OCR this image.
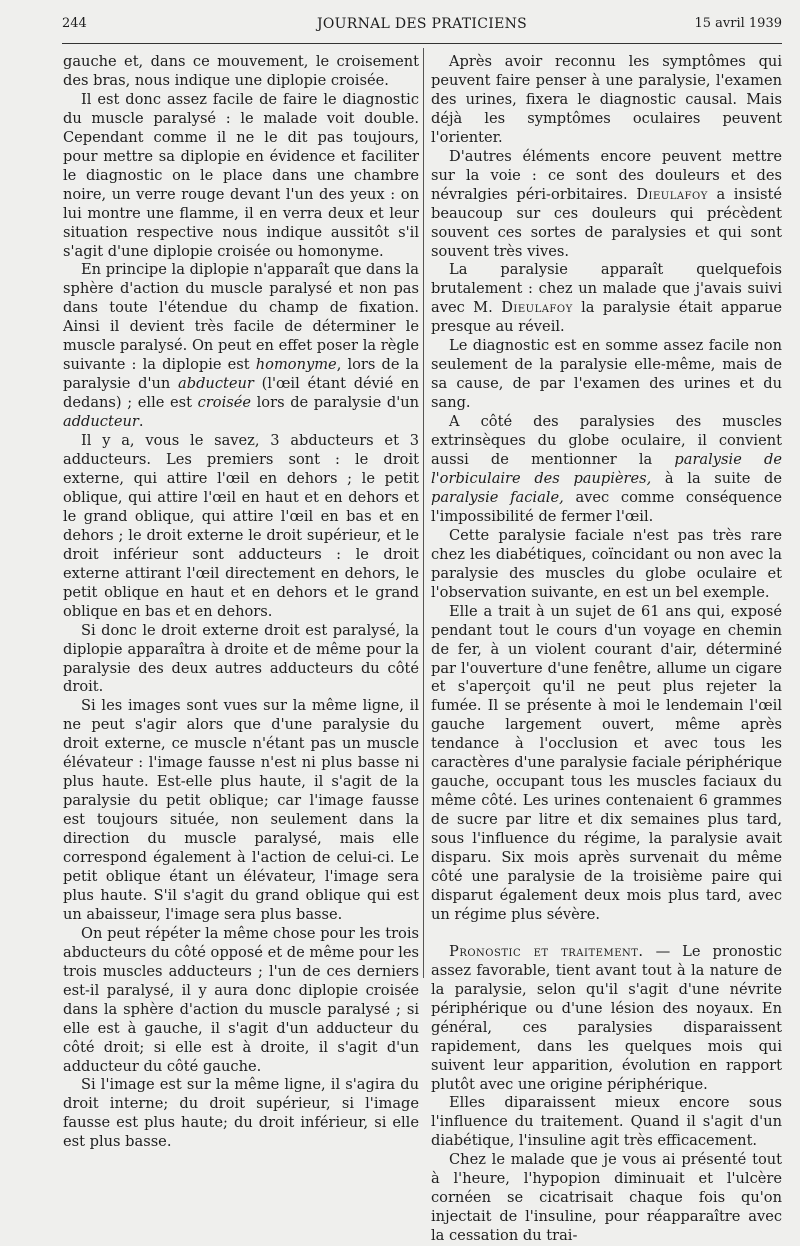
244	JOURNAL DES PRATICIENS	15 avril 1939

gauche et, dans ce mouvement, le croisement des bras, nous indique une diplopie croisée.

Il est donc assez facile de faire le diagnostic du muscle paralysé : le malade voit double. Cependant comme il ne le dit pas toujours, pour mettre sa diplopie en évidence et faciliter le diagnostic on le place dans une chambre noire, un verre rouge devant l'un des yeux : on lui montre une flamme, il en verra deux et leur situation respective nous indique aussitôt s'il s'agit d'une diplopie croisée ou homonyme.

En principe la diplopie n'apparaît que dans la sphère d'action du muscle paralysé et non pas dans toute l'étendue du champ de fixation. Ainsi il devient très facile de déterminer le muscle paralysé. On peut en effet poser la règle suivante : la diplopie est homonyme, lors de la paralysie d'un abducteur (l'œil étant dévié en dedans) ; elle est croisée lors de paralysie d'un adducteur.

Il y a, vous le savez, 3 abducteurs et 3 adducteurs. Les premiers sont : le droit externe, qui attire l'œil en dehors ; le petit oblique, qui attire l'œil en haut et en dehors et le grand oblique, qui attire l'œil en bas et en dehors ; le droit externe le droit supérieur, et le droit inférieur sont adducteurs : le droit externe attirant l'œil directement en dehors, le petit oblique en haut et en dehors et le grand oblique en bas et en dehors.

Si donc le droit externe droit est paralysé, la diplopie apparaîtra à droite et de même pour la paralysie des deux autres adducteurs du côté droit.

Si les images sont vues sur la même ligne, il ne peut s'agir alors que d'une paralysie du droit externe, ce muscle n'étant pas un muscle élévateur : l'image fausse n'est ni plus basse ni plus haute. Est-elle plus haute, il s'agit de la paralysie du petit oblique; car l'image fausse est toujours située, non seulement dans la direction du muscle paralysé, mais elle correspond également à l'action de celui-ci. Le petit oblique étant un élévateur, l'image sera plus haute. S'il s'agit du grand oblique qui est un abaisseur, l'image sera plus basse.

On peut répéter la même chose pour les trois abducteurs du côté opposé et de même pour les trois muscles adducteurs ; l'un de ces derniers est-il paralysé, il y aura donc diplopie croisée dans la sphère d'action du muscle paralysé ; si elle est à gauche, il s'agit d'un adducteur du côté droit; si elle est à droite, il s'agit d'un adducteur du côté gauche.

Si l'image est sur la même ligne, il s'agira du droit interne; du droit supérieur, si l'image fausse est plus haute; du droit inférieur, si elle est plus basse.

Après avoir reconnu les symptômes qui peuvent faire penser à une paralysie, l'examen des urines, fixera le diagnostic causal. Mais déjà les symptômes oculaires peuvent l'orienter.

D'autres éléments encore peuvent mettre sur la voie : ce sont des douleurs et des névralgies péri-orbitaires. Dieulafoy a insisté beaucoup sur ces douleurs qui précèdent souvent ces sortes de paralysies et qui sont souvent très vives.

La paralysie apparaît quelquefois brutalement : chez un malade que j'avais suivi avec M. Dieulafoy la paralysie était apparue presque au réveil.

Le diagnostic est en somme assez facile non seulement de la paralysie elle-même, mais de sa cause, de par l'examen des urines et du sang.

A côté des paralysies des muscles extrinsèques du globe oculaire, il convient aussi de mentionner la paralysie de l'orbiculaire des paupières, à la suite de paralysie faciale, avec comme conséquence l'impossibilité de fermer l'œil.

Cette paralysie faciale n'est pas très rare chez les diabétiques, coïncidant ou non avec la paralysie des muscles du globe oculaire et l'observation suivante, en est un bel exemple.

Elle a trait à un sujet de 61 ans qui, exposé pendant tout le cours d'un voyage en chemin de fer, à un violent courant d'air, déterminé par l'ouverture d'une fenêtre, allume un cigare et s'aperçoit qu'il ne peut plus rejeter la fumée. Il se présente à moi le lendemain l'œil gauche largement ouvert, même après tendance à l'occlusion et avec tous les caractères d'une paralysie faciale périphérique gauche, occupant tous les muscles faciaux du même côté. Les urines contenaient 6 grammes de sucre par litre et dix semaines plus tard, sous l'influence du régime, la paralysie avait disparu. Six mois après survenait du même côté une paralysie de la troisième paire qui disparut également deux mois plus tard, avec un régime plus sévère.

Pronostic et traitement. — Le pronostic assez favorable, tient avant tout à la nature de la paralysie, selon qu'il s'agit d'une névrite périphérique ou d'une lésion des noyaux. En général, ces paralysies disparaissent rapidement, dans les quelques mois qui suivent leur apparition, évolution en rapport plutôt avec une origine périphérique.

Elles diparaissent mieux encore sous l'influence du traitement. Quand il s'agit d'un diabétique, l'insuline agit très efficacement.

Chez le malade que je vous ai présenté tout à l'heure, l'hypopion diminuait et l'ulcère cornéen se cicatrisait chaque fois qu'on injectait de l'insuline, pour réapparaître avec la cessation du trai-
